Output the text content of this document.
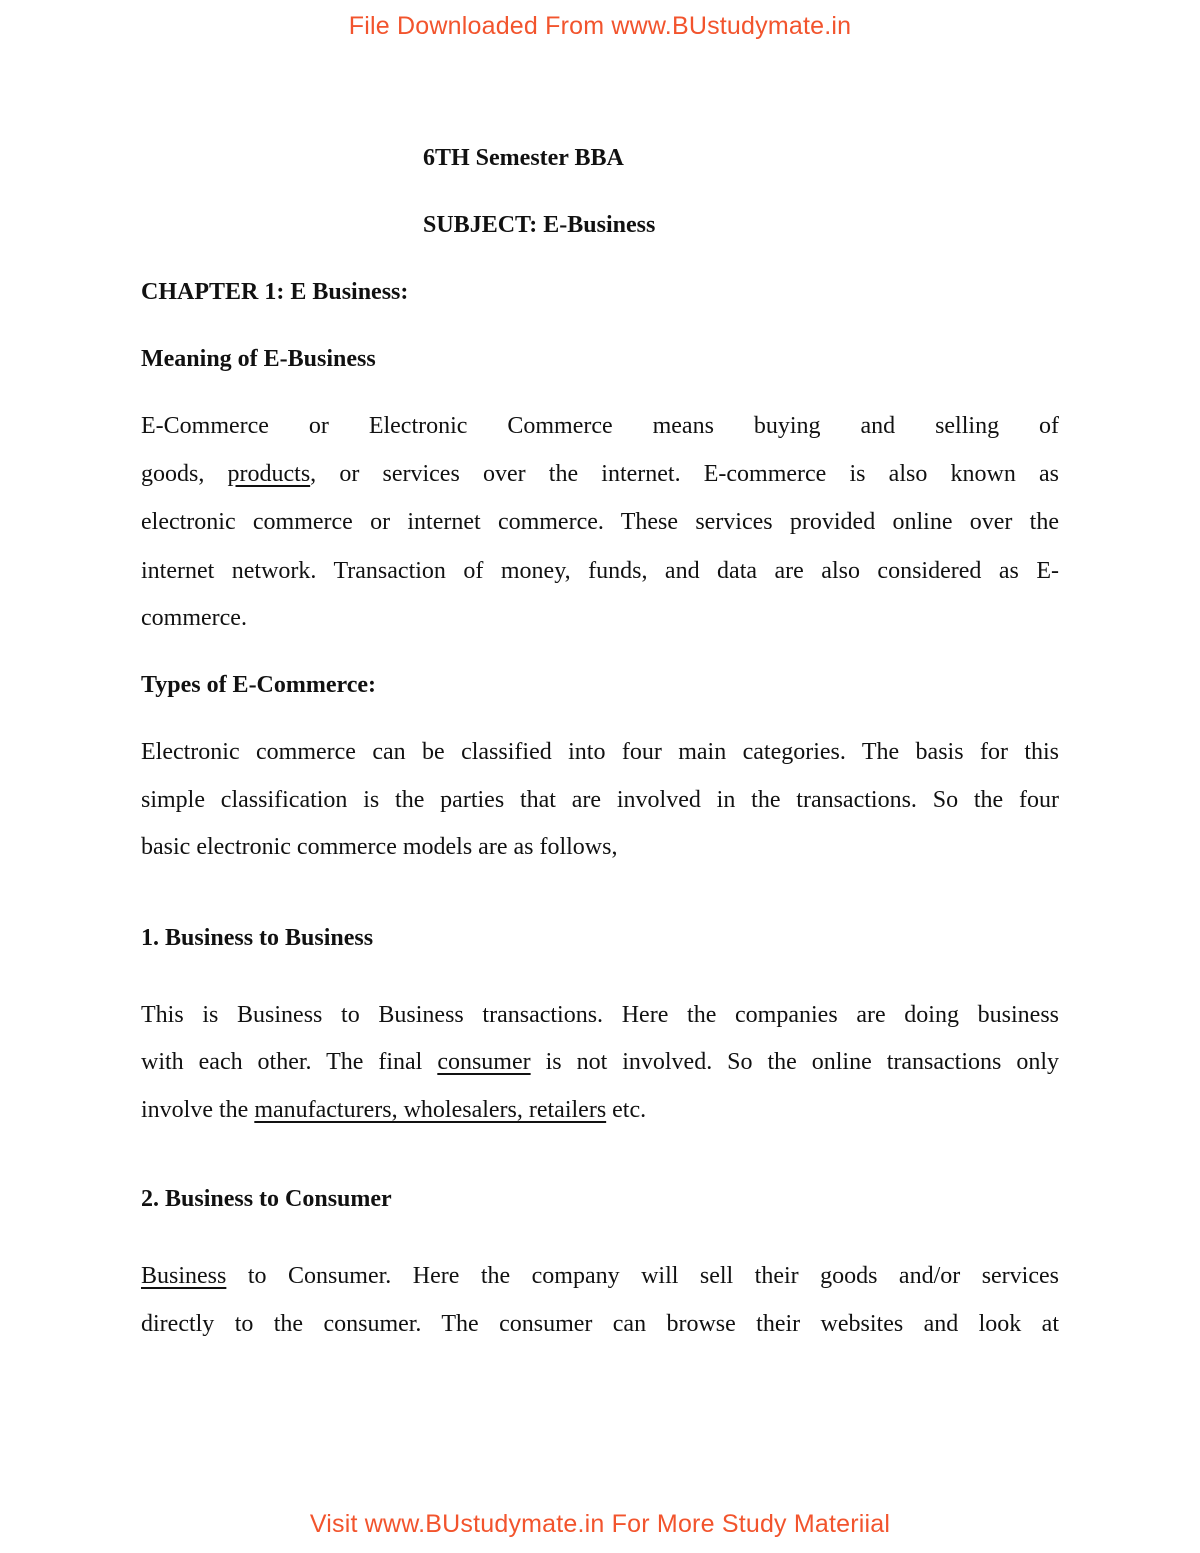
File Downloaded From www.BUstudymate.in
6TH Semester BBA
SUBJECT: E-Business
CHAPTER 1: E Business:
Meaning of E-Business
E-Commerce or Electronic Commerce means buying and selling of
goods, products, or services over the internet. E-commerce is also known as
electronic commerce or internet commerce. These services provided online over the
internet network. Transaction of money, funds, and data are also considered as E-
commerce.
Types of E-Commerce:
Electronic commerce can be classified into four main categories. The basis for this
simple classification is the parties that are involved in the transactions. So the four
basic electronic commerce models are as follows,
1. Business to Business
This is Business to Business transactions. Here the companies are doing business
with each other. The final consumer is not involved. So the online transactions only
involve the manufacturers, wholesalers, retailers etc.
2. Business to Consumer
Business to Consumer. Here the company will sell their goods and/or services
directly to the consumer. The consumer can browse their websites and look at
Visit www.BUstudymate.in For More Study Materiial
